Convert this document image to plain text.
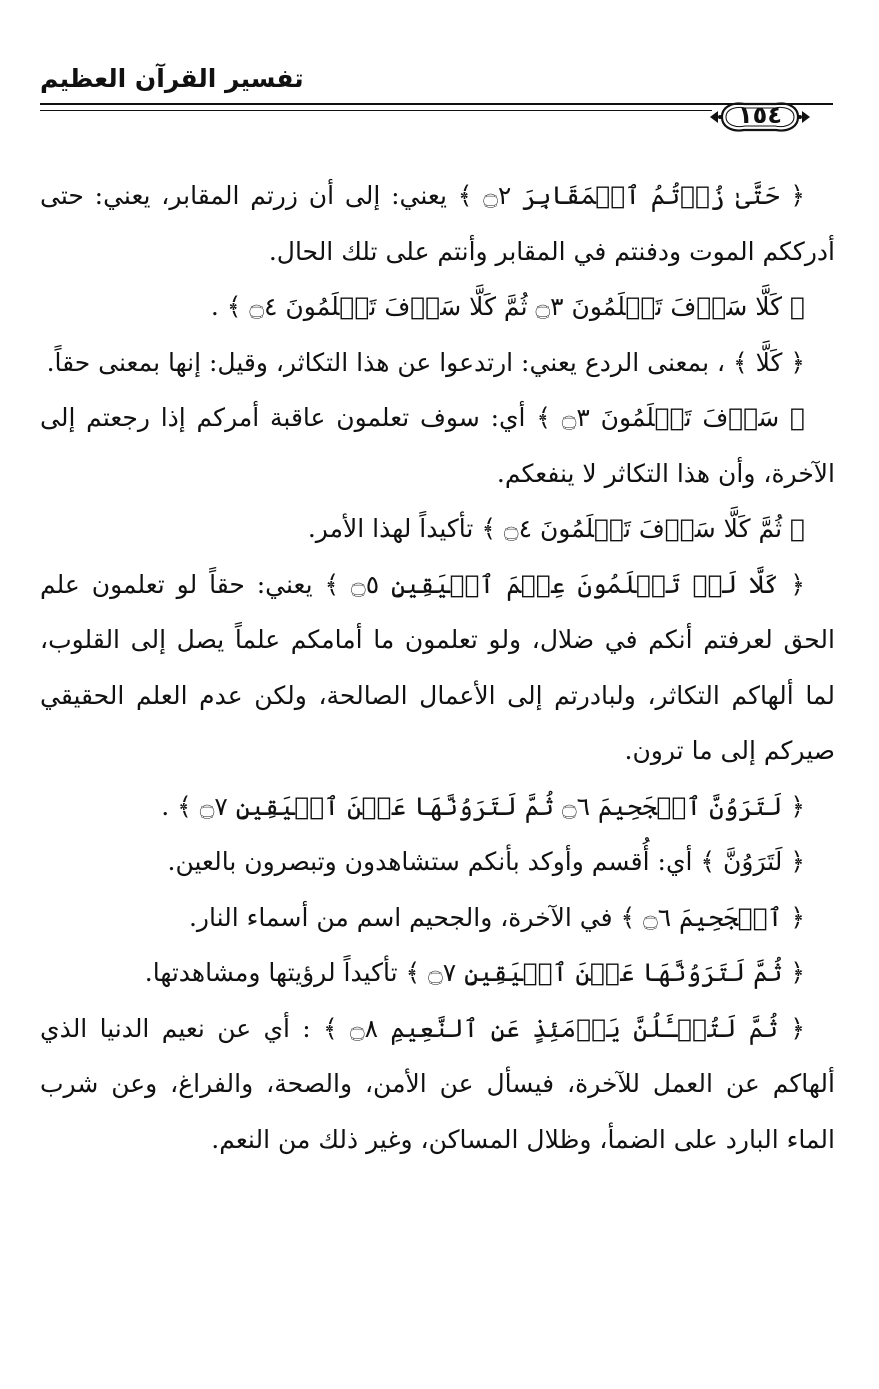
تفسير القرآن العظيم
١٥٤

﴿ حَتَّىٰ زُرۡتُمُ ٱلۡمَقَابِرَ ۝٢ ﴾ يعني: إلى أن زرتم المقابر، يعني: حتى أدرككم الموت ودفنتم في المقابر وأنتم على تلك الحال.

﴿ كَلَّا سَوۡفَ تَعۡلَمُونَ ۝٣ ثُمَّ كَلَّا سَوۡفَ تَعۡلَمُونَ ۝٤ ﴾ .

﴿ كَلَّا ﴾ ، بمعنى الردع يعني: ارتدعوا عن هذا التكاثر، وقيل: إنها بمعنى حقاً.

﴿ سَوۡفَ تَعۡلَمُونَ ۝٣ ﴾ أي: سوف تعلمون عاقبة أمركم إذا رجعتم إلى الآخرة، وأن هذا التكاثر لا ينفعكم.

﴿ ثُمَّ كَلَّا سَوۡفَ تَعۡلَمُونَ ۝٤ ﴾ تأكيداً لهذا الأمر.

﴿ كَلَّا لَوۡ تَعۡلَمُونَ عِلۡمَ ٱلۡيَقِينِ ۝٥ ﴾ يعني: حقاً لو تعلمون علم الحق لعرفتم أنكم في ضلال، ولو تعلمون ما أمامكم علماً يصل إلى القلوب، لما ألهاكم التكاثر، ولبادرتم إلى الأعمال الصالحة، ولكن عدم العلم الحقيقي صيركم إلى ما ترون.

﴿ لَتَرَوُنَّ ٱلۡجَحِيمَ ۝٦ ثُمَّ لَتَرَوُنَّهَا عَيۡنَ ٱلۡيَقِينِ ۝٧ ﴾ .

﴿ لَتَرَوُنَّ ﴾ أي: أُقسم وأوكد بأنكم ستشاهدون وتبصرون بالعين.

﴿ ٱلۡجَحِيمَ ۝٦ ﴾ في الآخرة، والجحيم اسم من أسماء النار.

﴿ ثُمَّ لَتَرَوُنَّهَا عَيۡنَ ٱلۡيَقِينِ ۝٧ ﴾ تأكيداً لرؤيتها ومشاهدتها.

﴿ ثُمَّ لَتُسۡـَٔلُنَّ يَوۡمَئِذٍ عَنِ ٱلنَّعِيمِ ۝٨ ﴾ : أي عن نعيم الدنيا الذي ألهاكم عن العمل للآخرة، فيسأل عن الأمن، والصحة، والفراغ، وعن شرب الماء البارد على الضمأ، وظلال المساكن، وغير ذلك من النعم.
